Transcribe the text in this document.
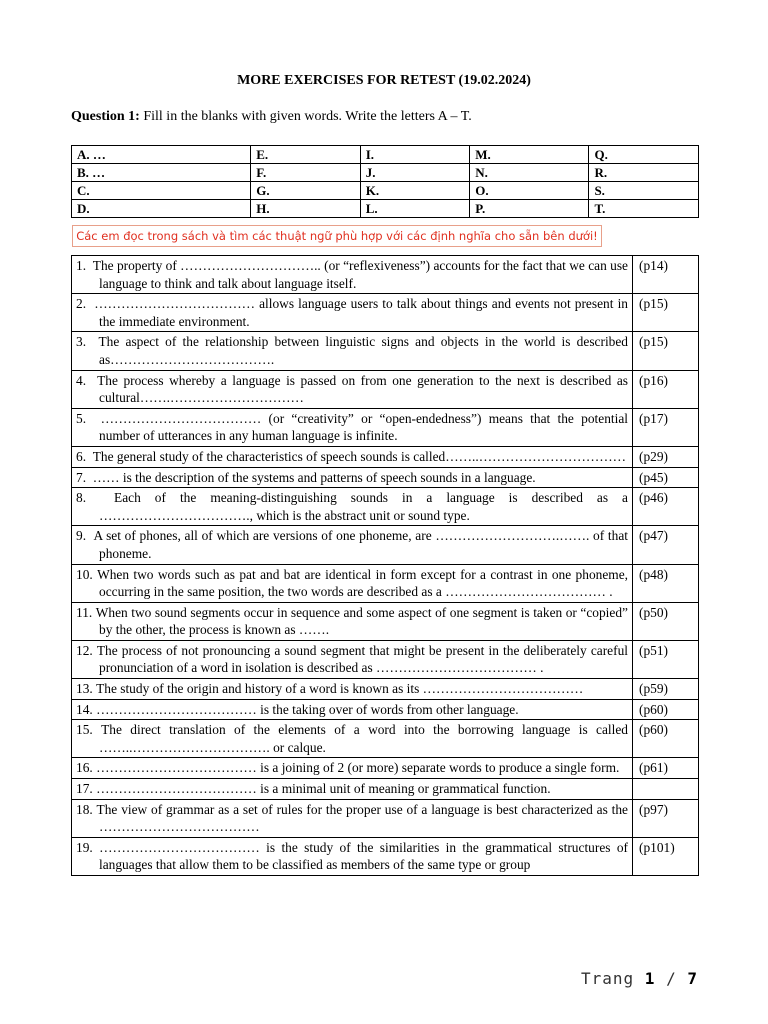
MORE EXERCISES FOR RETEST (19.02.2024)
Question 1: Fill in the blanks with given words. Write the letters A – T.
A. …	E.	I.	M.	Q.
B. …	F.	J.	N.	R.
C.	G.	K.	O.	S.
D.	H.	L.	P.	T.
Các em đọc trong sách và tìm các thuật ngữ phù hợp với các định nghĩa cho sẵn bên dưới!
1.  The property of ………………………….. (or “reflexiveness”) accounts for the fact that we can use language to think and talk about language itself.	(p14)
2.  ……………………………… allows language users to talk about things and events not present in the immediate environment.	(p15)
3.  The aspect of the relationship between linguistic signs and objects in the world is described as……………………………….	(p15)
4.  The process whereby a language is passed on from one generation to the next is described as cultural…….…………………………	(p16)
5.  ……………………………… (or “creativity” or “open-endedness”) means that the potential number of utterances in any human language is infinite.	(p17)
6.  The general study of the characteristics of speech sounds is called……..……………………………	(p29)
7.  …… is the description of the systems and patterns of speech sounds in a language.	(p45)
8.  Each of the meaning-distinguishing sounds in a language is described as a ……………………………., which is the abstract unit or sound type.	(p46)
9.  A set of phones, all of which are versions of one phoneme, are ……………………….……. of that phoneme.	(p47)
10. When two words such as pat and bat are identical in form except for a contrast in one phoneme, occurring in the same position, the two words are described as a ……………………………… .	(p48)
11. When two sound segments occur in sequence and some aspect of one segment is taken or “copied” by the other, the process is known as …….	(p50)
12. The process of not pronouncing a sound segment that might be present in the deliberately careful pronunciation of a word in isolation is described as ……………………………… .	(p51)
13. The study of the origin and history of a word is known as its ………………………………	(p59)
14. ……………………………… is the taking over of words from other language.	(p60)
15. The direct translation of the elements of a word into the borrowing language is called ……..…………………………. or calque.	(p60)
16. ……………………………… is a joining of 2 (or more) separate words to produce a single form.	(p61)
17. ……………………………… is a minimal unit of meaning or grammatical function.	
18. The view of grammar as a set of rules for the proper use of a language is best characterized as the ………………………………	(p97)
19. ……………………………… is the study of the similarities in the grammatical structures of languages that allow them to be classified as members of the same type or group	(p101)
Trang 1 / 7
